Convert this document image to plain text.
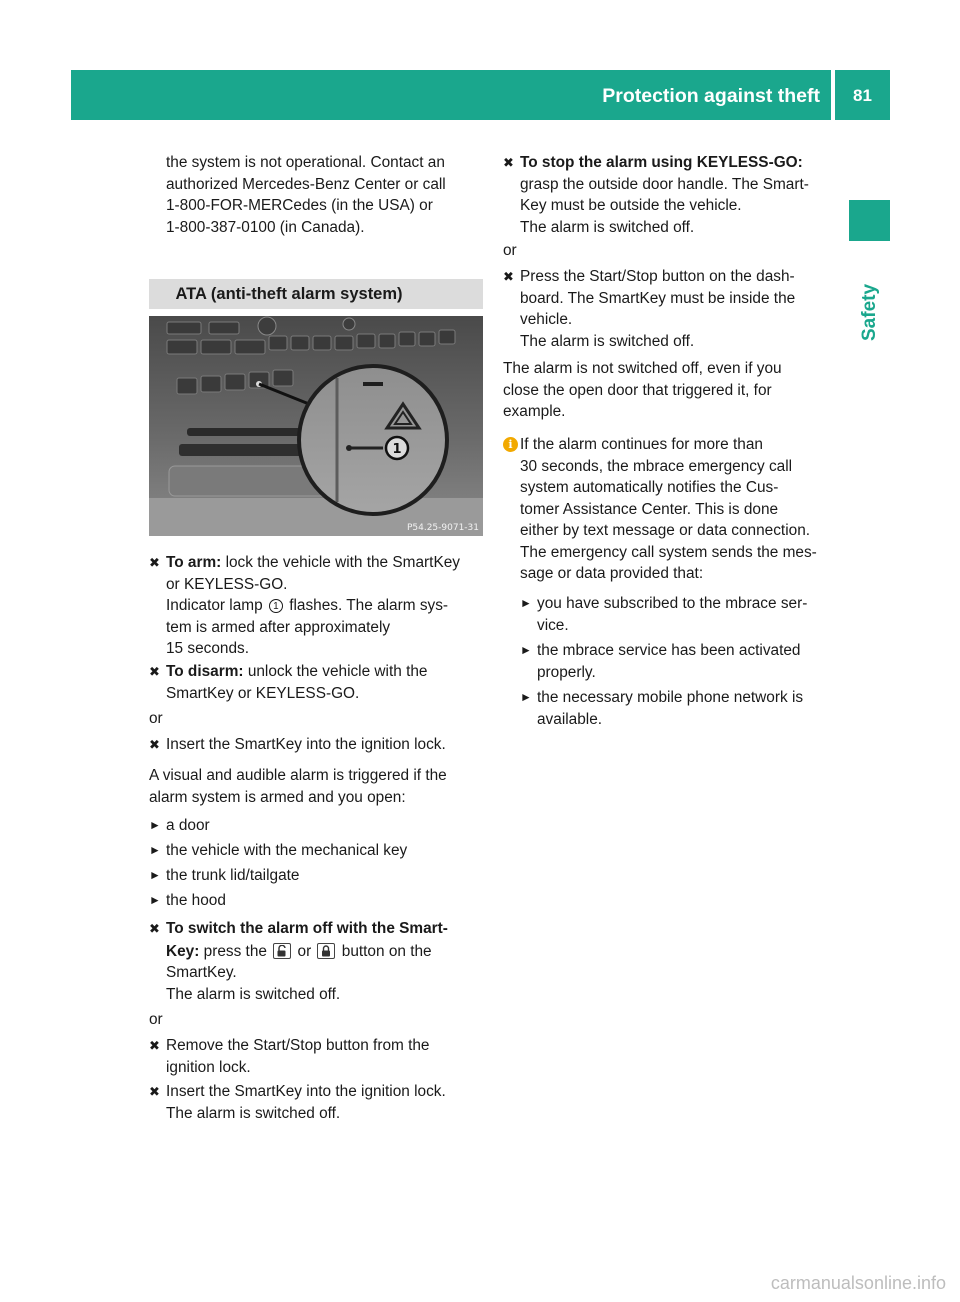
Protection against theft	81
Safety

the system is not operational. Contact an

authorized Mercedes-Benz Center or call

1-800-FOR-MERCedes (in the USA) or

1-800-387-0100 (in Canada).

ATA (anti-theft alarm system)
1
P54.25-9071-31
✖ To arm: lock the vehicle with the SmartKey

or KEYLESS-GO.

Indicator lamp 1 flashes. The alarm sys-

tem is armed after approximately

15 seconds.

✖ To disarm: unlock the vehicle with the

SmartKey or KEYLESS-GO.

or

✖ Insert the SmartKey into the ignition lock.

A visual and audible alarm is triggered if the

alarm system is armed and you open:

► a door
► the vehicle with the mechanical key
► the trunk lid/tailgate
► the hood
✖ To switch the alarm off with the Smart-

Key: press the or button on the

SmartKey.

The alarm is switched off.

or

✖ Remove the Start/Stop button from the

ignition lock.

✖ Insert the SmartKey into the ignition lock.

The alarm is switched off.

✖ To stop the alarm using KEYLESS-GO:

grasp the outside door handle. The Smart-

Key must be outside the vehicle.

The alarm is switched off.

or

✖ Press the Start/Stop button on the dash-

board. The SmartKey must be inside the

vehicle.

The alarm is switched off.

The alarm is not switched off, even if you

close the open door that triggered it, for

example.

i If the alarm continues for more than

30 seconds, the mbrace emergency call

system automatically notifies the Cus-

tomer Assistance Center. This is done

either by text message or data connection.

The emergency call system sends the mes-

sage or data provided that:

► you have subscribed to the mbrace ser-

vice.

► the mbrace service has been activated

properly.

► the necessary mobile phone network is

available.

carmanualsonline.info
